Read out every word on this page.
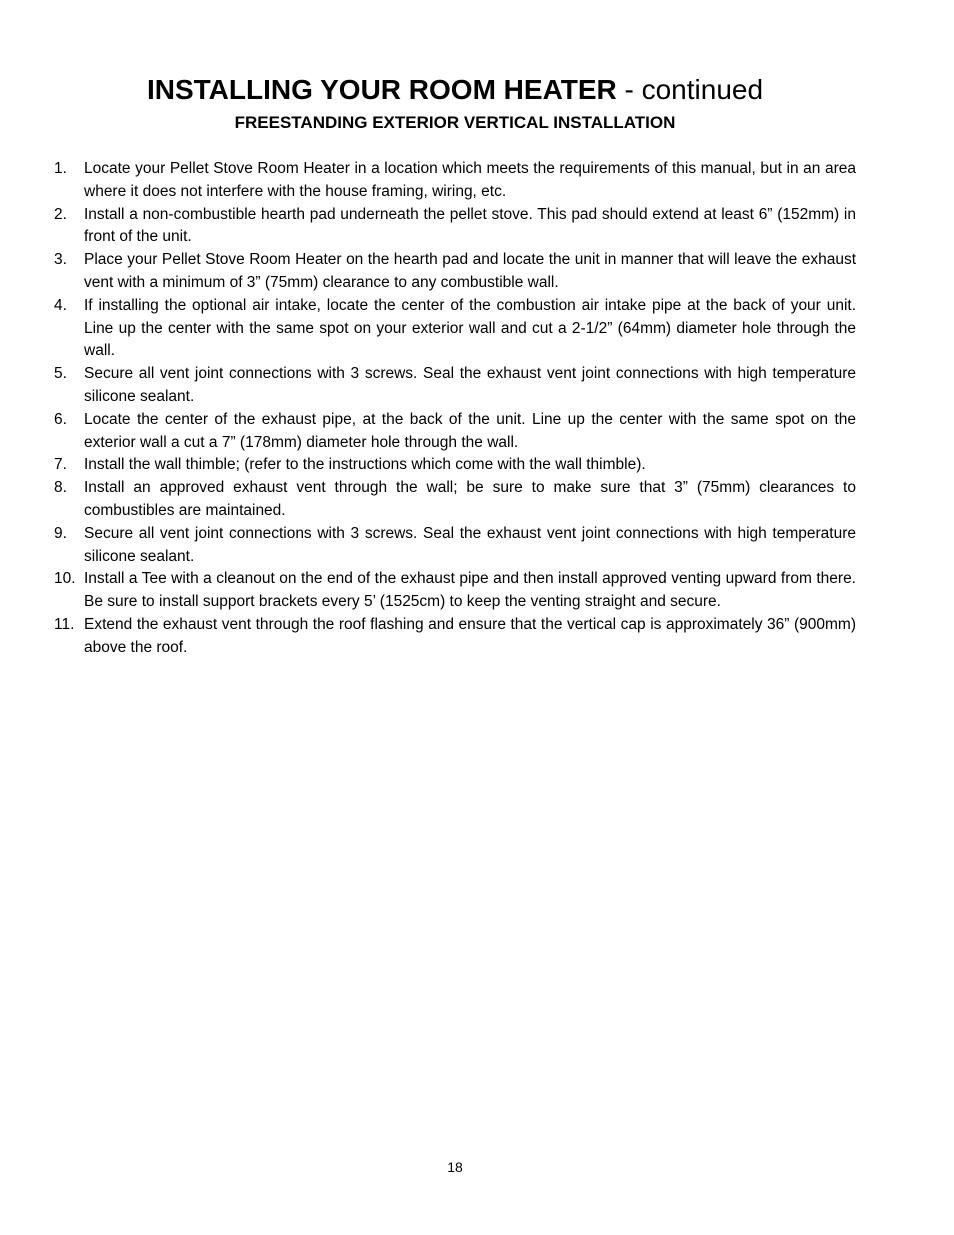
INSTALLING YOUR ROOM HEATER - continued
FREESTANDING EXTERIOR VERTICAL INSTALLATION
1.	Locate your Pellet Stove Room Heater in a location which meets the requirements of this manual, but in an area where it does not interfere with the house framing, wiring, etc.
2.	Install a non-combustible hearth pad underneath the pellet stove. This pad should extend at least 6” (152mm) in front of the unit.
3.	Place your Pellet Stove Room Heater on the hearth pad and locate the unit in manner that will leave the exhaust vent with a minimum of 3” (75mm) clearance to any combustible wall.
4.	If installing the optional air intake, locate the center of the combustion air intake pipe at the back of your unit. Line up the center with the same spot on your exterior wall and cut a 2-1/2” (64mm) diameter hole through the wall.
5.	Secure all vent joint connections with 3 screws. Seal the exhaust vent joint connections with high temperature silicone sealant.
6.	Locate the center of the exhaust pipe, at the back of the unit. Line up the center with the same spot on the exterior wall a cut a 7” (178mm) diameter hole through the wall.
7.	Install the wall thimble; (refer to the instructions which come with the wall thimble).
8.	Install an approved exhaust vent through the wall; be sure to make sure that 3” (75mm) clearances to combustibles are maintained.
9.	Secure all vent joint connections with 3 screws. Seal the exhaust vent joint connections with high temperature silicone sealant.
10. Install a Tee with a cleanout on the end of the exhaust pipe and then install approved venting upward from there. Be sure to install support brackets every 5’ (1525cm) to keep the venting straight and secure.
11. Extend the exhaust vent through the roof flashing and ensure that the vertical cap is approximately 36” (900mm) above the roof.
18
